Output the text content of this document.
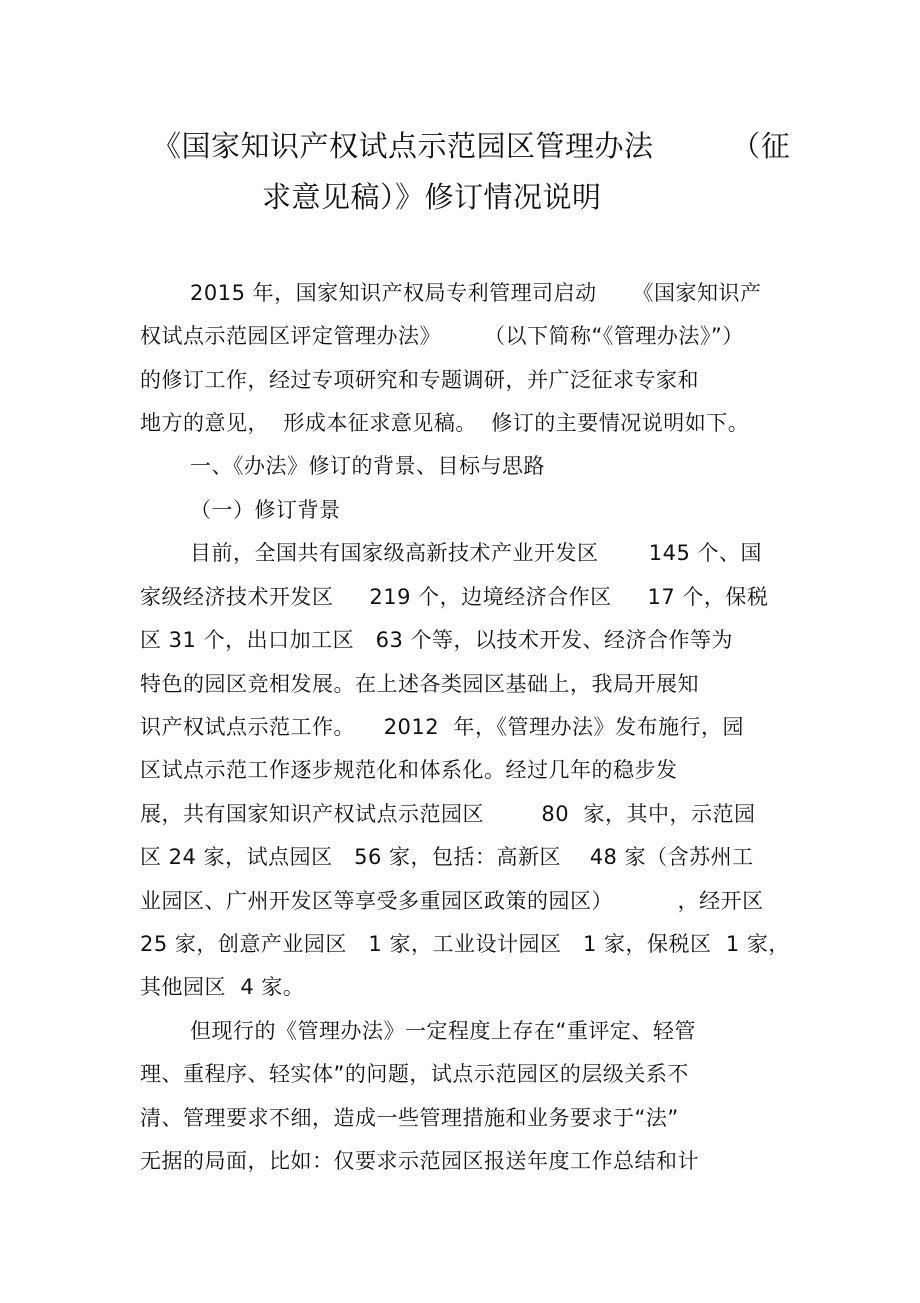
《国家知识产权试点示范园区管理办法        （征
求意见稿）》修订情况说明
2015 年，国家知识产权局专利管理司启动     《国家知识产
权试点示范园区评定管理办法》      （以下简称“《管理办法》”）
的修订工作，经过专项研究和专题调研，并广泛征求专家和
地方的意见，  形成本征求意见稿。  修订的主要情况说明如下。
一、《办法》修订的背景、目标与思路
（一）修订背景
目前，全国共有国家级高新技术产业开发区       145 个、国
家级经济技术开发区     219 个，边境经济合作区     17 个，保税
区 31 个，出口加工区   63 个等，以技术开发、经济合作等为
特色的园区竞相发展。在上述各类园区基础上，我局开展知
识产权试点示范工作。    2012  年，《管理办法》发布施行，园
区试点示范工作逐步规范化和体系化。经过几年的稳步发
展，共有国家知识产权试点示范园区        80  家，其中，示范园
区 24 家，试点园区   56 家，包括：高新区    48 家（含苏州工
业园区、广州开发区等享受多重园区政策的园区）         ，经开区
25 家，创意产业园区   1 家，工业设计园区   1 家，保税区  1 家，
其他园区  4 家。
但现行的《管理办法》一定程度上存在“重评定、轻管
理、重程序、轻实体”的问题，试点示范园区的层级关系不
清、管理要求不细，造成一些管理措施和业务要求于“法”
无据的局面，比如：仅要求示范园区报送年度工作总结和计
